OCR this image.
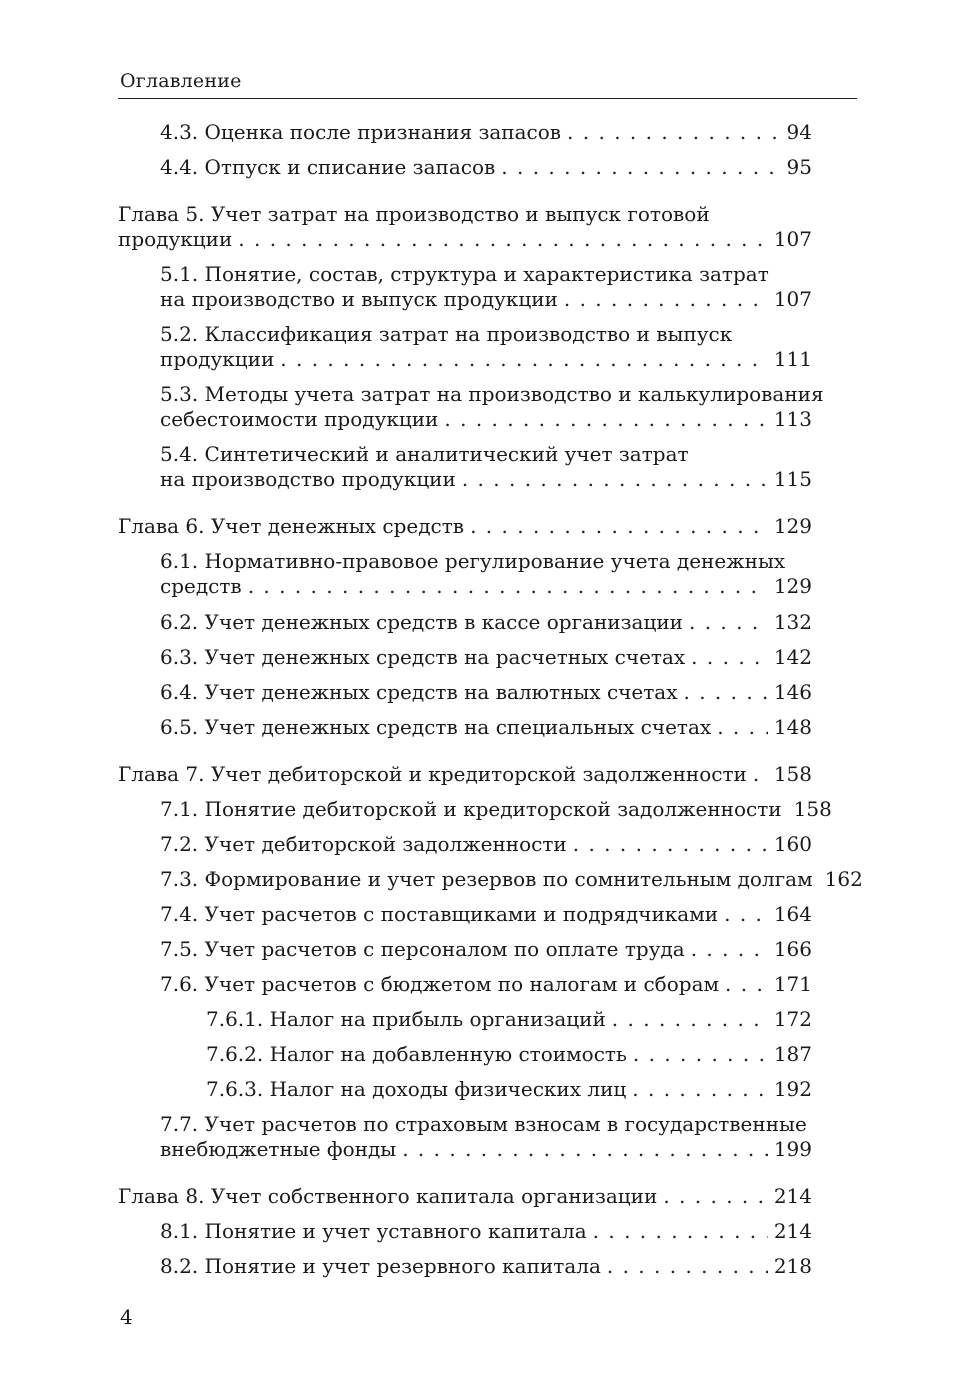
Оглавление
4.3. Оценка после признания запасов . . .	94
4.4. Отпуск и списание запасов . . .	95
Глава 5. Учет затрат на производство и выпуск готовой
продукции . . .	107
5.1. Понятие, состав, структура и характеристика затрат
на производство и выпуск продукции . . .	107
5.2. Классификация затрат на производство и выпуск
продукции . . .	111
5.3. Методы учета затрат на производство и калькулирования
себестоимости продукции . . .	113
5.4. Синтетический и аналитический учет затрат
на производство продукции . . .	115
Глава 6. Учет денежных средств . . .	129
6.1. Нормативно-правовое регулирование учета денежных
средств . . .	129
6.2. Учет денежных средств в кассе организации . . .	132
6.3. Учет денежных средств на расчетных счетах . . .	142
6.4. Учет денежных средств на валютных счетах . . .	146
6.5. Учет денежных средств на специальных счетах . . .	148
Глава 7. Учет дебиторской и кредиторской задолженности . . . 158
7.1. Понятие дебиторской и кредиторской задолженности 158
7.2. Учет дебиторской задолженности . . .	160
7.3. Формирование и учет резервов по сомнительным долгам 162
7.4. Учет расчетов с поставщиками и подрядчиками . . .	164
7.5. Учет расчетов с персоналом по оплате труда . . .	166
7.6. Учет расчетов с бюджетом по налогам и сборам . . .	171
7.6.1. Налог на прибыль организаций . . .	172
7.6.2. Налог на добавленную стоимость . . .	187
7.6.3. Налог на доходы физических лиц . . .	192
7.7. Учет расчетов по страховым взносам в государственные
внебюджетные фонды . . .	199
Глава 8. Учет собственного капитала организации . . .	214
8.1. Понятие и учет уставного капитала . . .	214
8.2. Понятие и учет резервного капитала . . .	218
4
